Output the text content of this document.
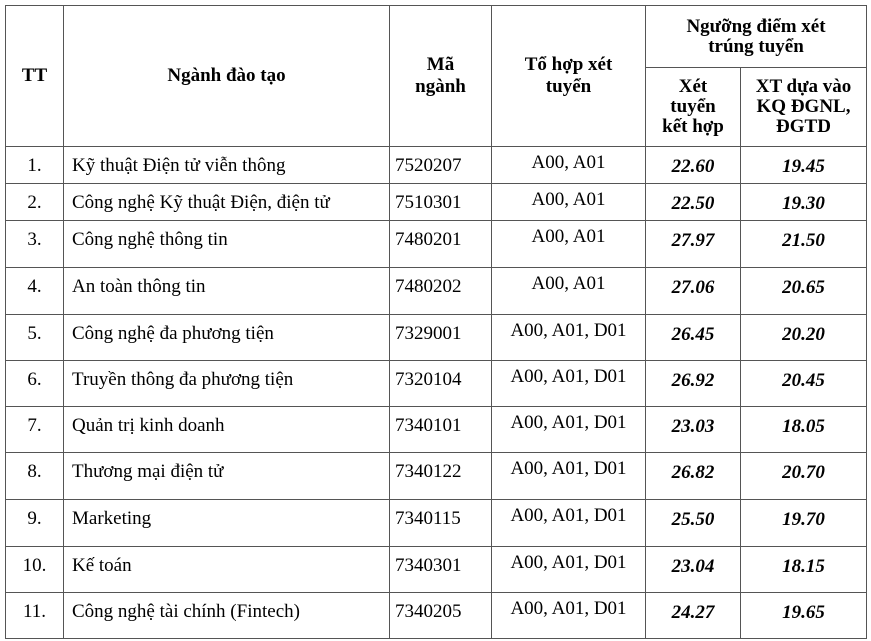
TT	Ngành đào tạo	Mã ngành	Tổ hợp xét tuyển	Ngưỡng điểm xét trúng tuyển	

				Xét tuyển kết hợp	XT dựa vào KQ ĐGNL, ĐGTD

1.	Kỹ thuật Điện tử viễn thông	7520207	A00, A01	22.60	19.45
2.	Công nghệ Kỹ thuật Điện, điện tử	7510301	A00, A01	22.50	19.30
3.	Công nghệ thông tin	7480201	A00, A01	27.97	21.50
4.	An toàn thông tin	7480202	A00, A01	27.06	20.65
5.	Công nghệ đa phương tiện	7329001	A00, A01, D01	26.45	20.20
6.	Truyền thông đa phương tiện	7320104	A00, A01, D01	26.92	20.45
7.	Quản trị kinh doanh	7340101	A00, A01, D01	23.03	18.05
8.	Thương mại điện tử	7340122	A00, A01, D01	26.82	20.70
9.	Marketing	7340115	A00, A01, D01	25.50	19.70
10.	Kế toán	7340301	A00, A01, D01	23.04	18.15
11.	Công nghệ tài chính (Fintech)	7340205	A00, A01, D01	24.27	19.65
